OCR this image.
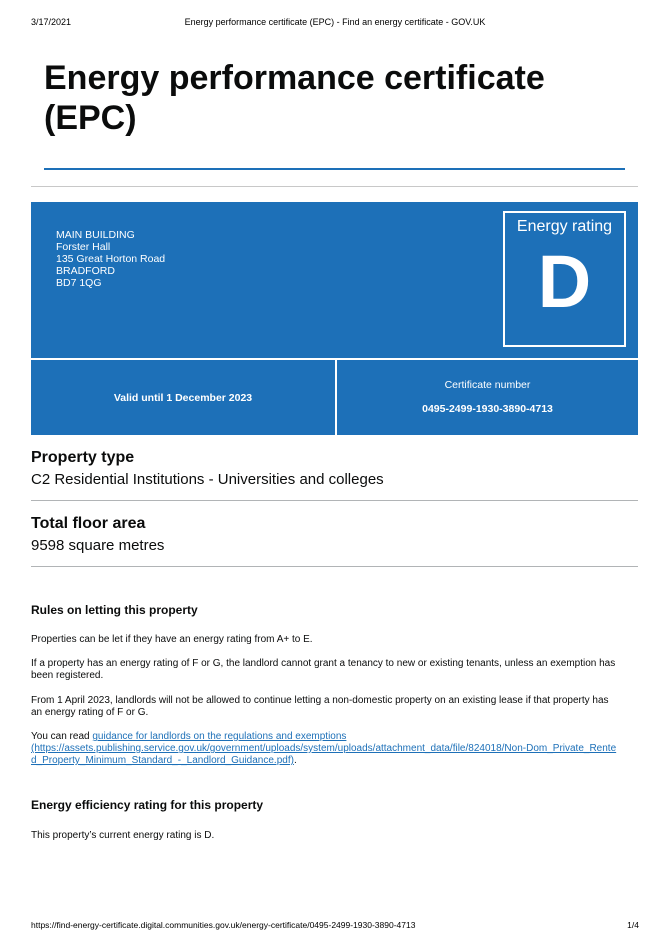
3/17/2021	Energy performance certificate (EPC) - Find an energy certificate - GOV.UK
Energy performance certificate (EPC)
MAIN BUILDING
Forster Hall
135 Great Horton Road
BRADFORD
BD7 1QG
Energy rating
D
Valid until 1 December 2023
Certificate number
0495-2499-1930-3890-4713
Property type

C2 Residential Institutions - Universities and colleges

Total floor area

9598 square metres

Rules on letting this property

Properties can be let if they have an energy rating from A+ to E.

If a property has an energy rating of F or G, the landlord cannot grant a tenancy to new or existing tenants, unless an exemption has been registered.

From 1 April 2023, landlords will not be allowed to continue letting a non-domestic property on an existing lease if that property has an energy rating of F or G.

You can read guidance for landlords on the regulations and exemptions
(https://assets.publishing.service.gov.uk/government/uploads/system/uploads/attachment_data/file/824018/Non-Dom_Private_Rented_Property_Minimum_Standard_-_Landlord_Guidance.pdf).

Energy efficiency rating for this property

This property’s current energy rating is D.

https://find-energy-certificate.digital.communities.gov.uk/energy-certificate/0495-2499-1930-3890-4713	1/4
